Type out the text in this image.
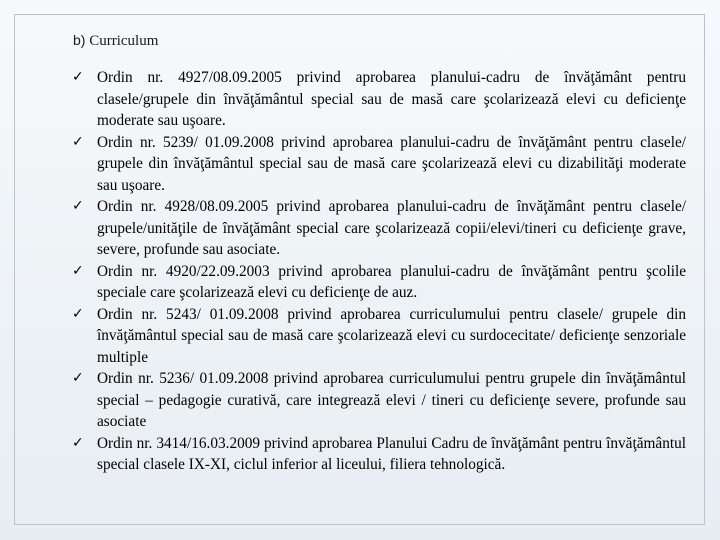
b) Curriculum
✓ Ordin nr. 4927/08.09.2005 privind aprobarea planului-cadru de învăţământ pentru clasele/grupele din învăţământul special sau de masă care şcolarizează elevi cu deficienţe moderate sau uşoare.
✓ Ordin nr. 5239/ 01.09.2008 privind aprobarea planului-cadru de învăţământ pentru clasele/ grupele din învăţământul special sau de masă care şcolarizează elevi cu dizabilităţi moderate sau uşoare.
✓ Ordin nr. 4928/08.09.2005 privind aprobarea planului-cadru de învăţământ pentru clasele/ grupele/unităţile de învăţământ special care şcolarizează copii/elevi/tineri cu deficienţe grave, severe, profunde sau asociate.
✓ Ordin nr. 4920/22.09.2003 privind aprobarea planului-cadru de învăţământ pentru şcolile speciale care şcolarizează elevi cu deficienţe de auz.
✓ Ordin nr. 5243/ 01.09.2008 privind aprobarea curriculumului pentru clasele/ grupele din învăţământul special sau de masă care şcolarizează elevi cu surdocecitate/ deficienţe senzoriale multiple
✓ Ordin nr. 5236/ 01.09.2008 privind aprobarea curriculumului pentru grupele din învăţământul special – pedagogie curativă, care integrează elevi / tineri cu deficienţe severe, profunde sau asociate
✓ Ordin nr. 3414/16.03.2009 privind aprobarea Planului Cadru de învăţământ pentru învăţământul special clasele IX-XI, ciclul inferior al liceului, filiera tehnologică.
